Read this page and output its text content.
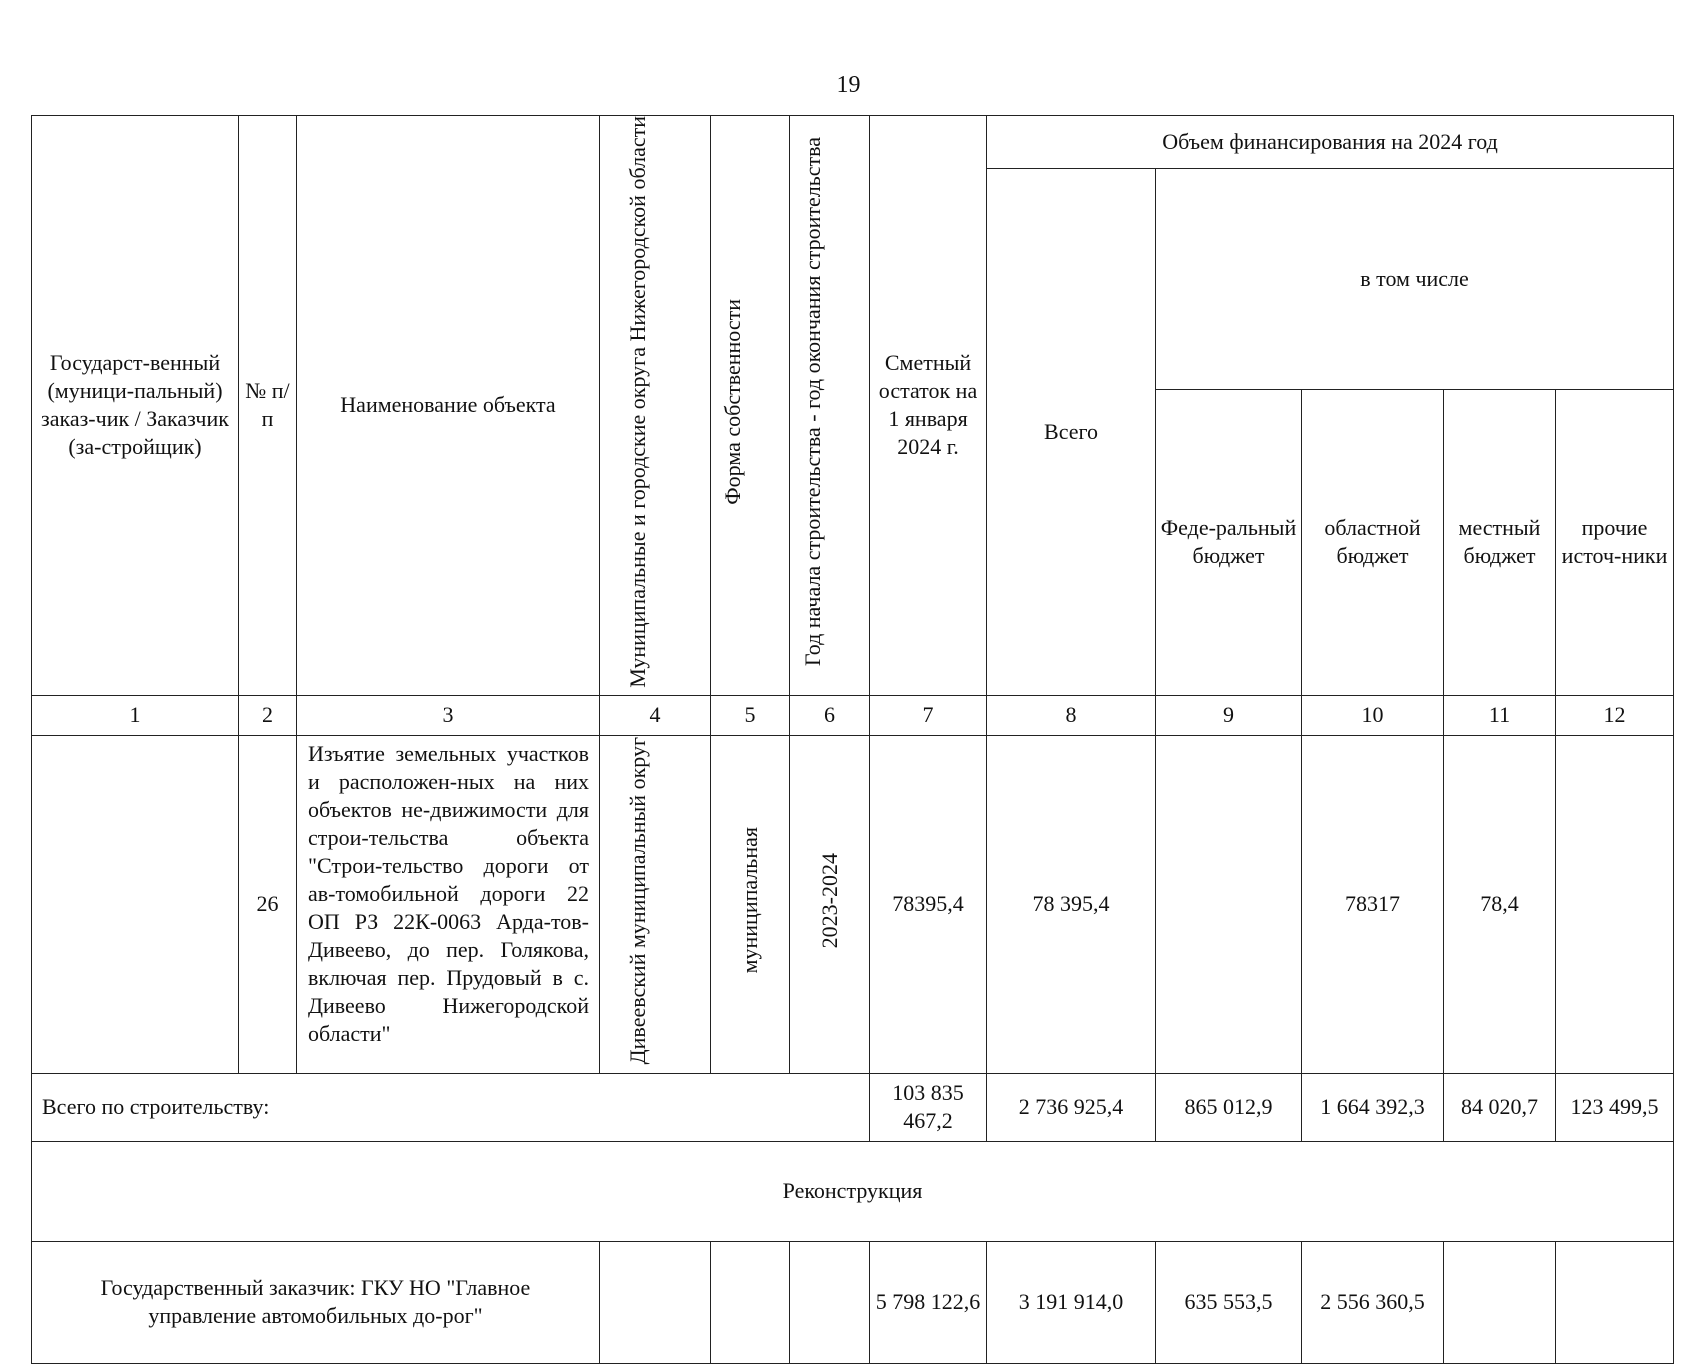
19
Государст-венный (муници-пальный) заказ-чик / Заказчик (за-стройщик)	№ п/п	Наименование объекта	Муниципальные и городские округа Нижегородской области	Форма собственности	Год начала строительства - год окончания строительства	Сметный остаток на 1 января 2024 г.	Объем финансирования на 2024 год				
							Всего	в том числе			
								Феде-ральный бюджет	областной бюджет	местный бюджет	прочие источ-ники
1	2	3	4	5	6	7	8	9	10	11	12
	26	Изъятие земельных участков и расположен-ных на них объектов не-движимости для строи-тельства объекта "Строи-тельство дороги от ав-томобильной дороги 22 ОП РЗ 22К-0063 Арда-тов-Дивеево, до пер. Голякова, включая пер. Прудовый в с. Дивеево Нижегородской области"	Дивеевский муниципальный округ	муниципальная	2023-2024	78395,4	78 395,4		78317	78,4	
Всего по строительству:						103 835 467,2	2 736 925,4	865 012,9	1 664 392,3	84 020,7	123 499,5
Реконструкция											
Государственный заказчик: ГКУ НО "Главное управление автомобильных до-рог"						5 798 122,6	3 191 914,0	635 553,5	2 556 360,5		
